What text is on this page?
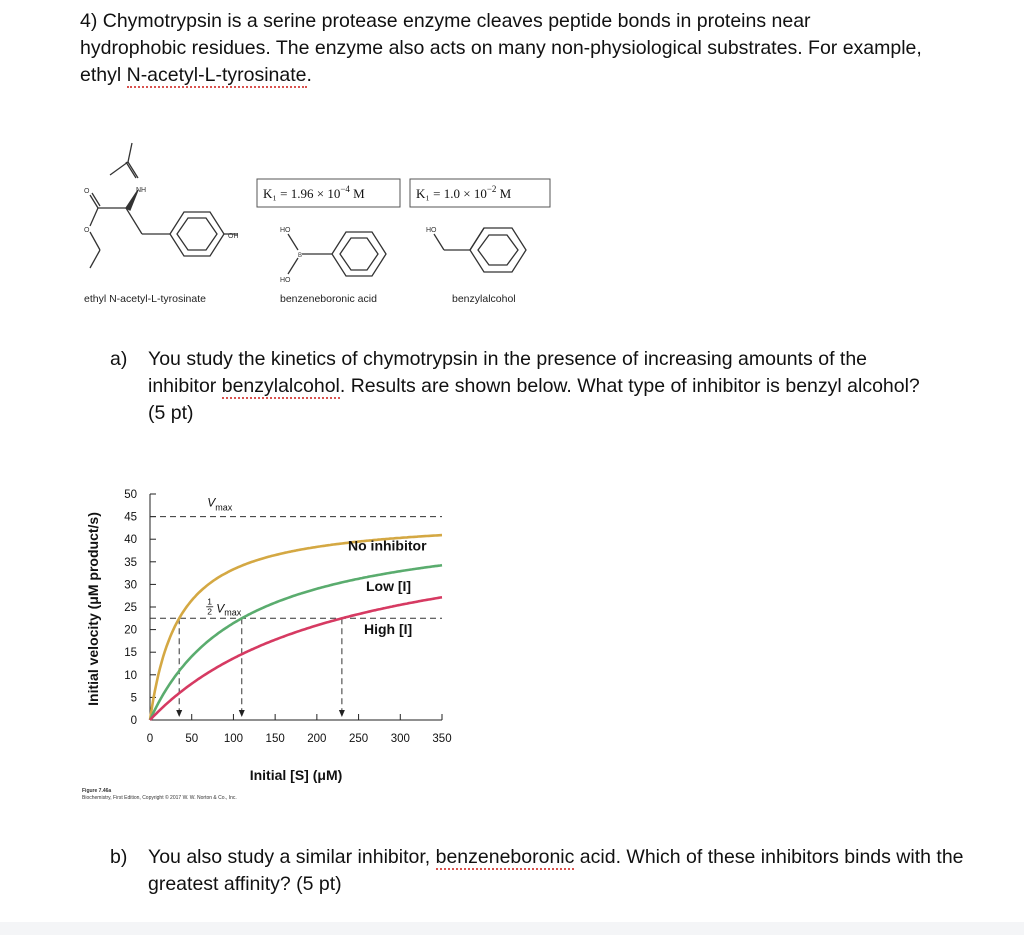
4) Chymotrypsin is a serine protease enzyme cleaves peptide bonds in proteins near
hydrophobic residues. The enzyme also acts on many non-physiological substrates. For example,
ethyl N-acetyl-L-tyrosinate.
NH
O
O
OH
ethyl N-acetyl-L-tyrosinate
$K_1 = 1.96 \times 10^{-4}$ M	$K_1 = 1.0 \times 10^{-2}$ M
HO
B
HO
benzeneboronic acid
HO
benzylalcohol
a)	You study the kinetics of chymotrypsin in the presence of increasing amounts of the inhibitor benzylalcohol. Results are shown below. What type of inhibitor is benzyl alcohol? (5 pt)
Initial velocity (μM product/s)
Initial [S] (μM)
0
5
10
15
20
25
30
35
40
45
50
0	50 100 150 200 250 300 350
$V_{max}$
1
2 $V_{max}$
No inhibitor
Low [I]
High [I]
Figure 7.46a
Biochemistry, First Edition, Copyright © 2017 W. W. Norton & Co., Inc.
b)	You also study a similar inhibitor, benzeneboronic acid. Which of these inhibitors binds with the greatest affinity? (5 pt)
